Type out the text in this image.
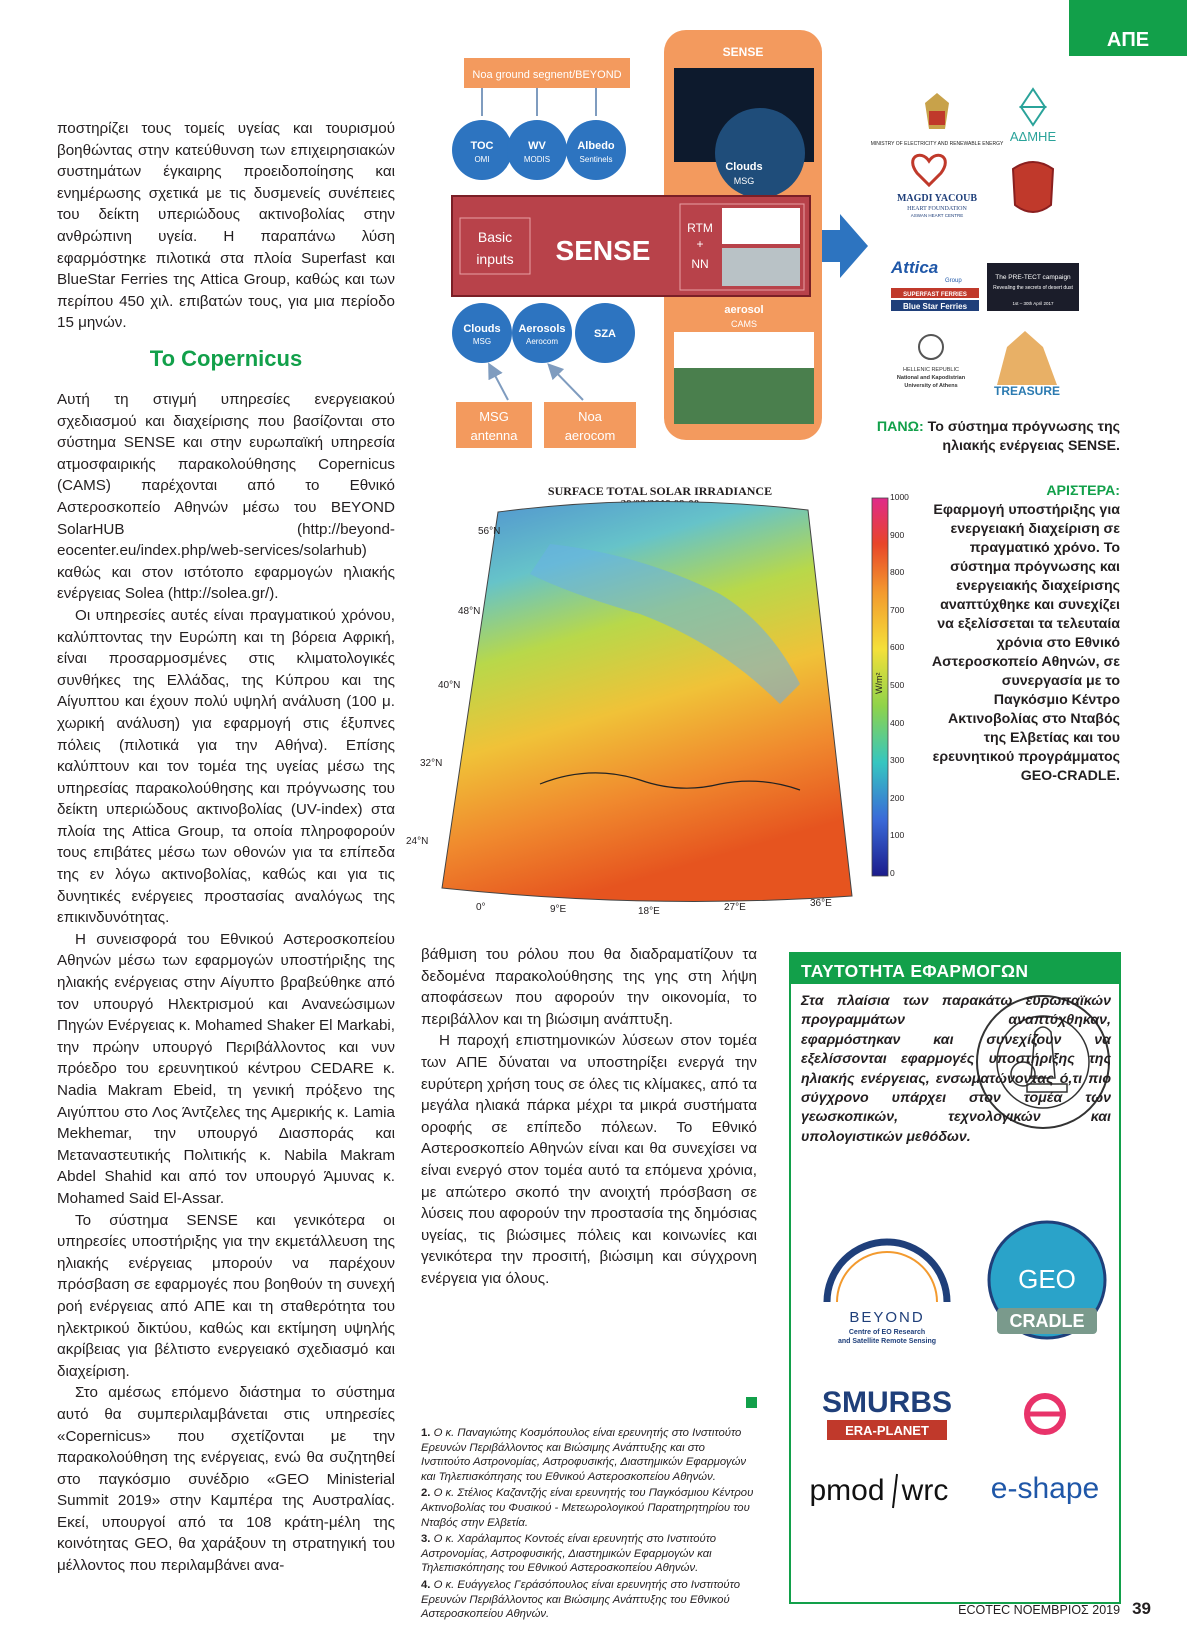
ΑΠΕ

ποστηρίζει τους τομείς υγείας και τουρισμού βοηθώντας στην κατεύθυνση των επιχειρησιακών συστημάτων έγκαιρης προειδοποίησης και ενημέρωσης σχετικά με τις δυσμενείς συνέπειες του δείκτη υπεριώδους ακτινοβολίας στην ανθρώπινη υγεία. Η παραπάνω λύση εφαρμόστηκε πιλοτικά στα πλοία Superfast και BlueStar Ferries της Attica Group, καθώς και των περίπου 450 χιλ. επιβατών τους, για μια περίοδο 15 μηνών.

Το Copernicus

Αυτή τη στιγμή υπηρεσίες ενεργειακού σχεδιασμού και διαχείρισης που βασίζονται στο σύστημα SENSE και στην ευρωπαϊκή υπηρεσία ατμοσφαιρικής παρακολούθησης Copernicus (CAMS) παρέχονται από το Εθνικό Αστεροσκοπείο Αθηνών μέσω του BEYOND SolarHUB (http://beyond-eocenter.eu/index.php/web-services/solarhub) καθώς και στον ιστότοπο εφαρμογών ηλιακής ενέργειας Solea (http://solea.gr/).

Οι υπηρεσίες αυτές είναι πραγματικού χρόνου, καλύπτοντας την Ευρώπη και τη βόρεια Αφρική, είναι προσαρμοσμένες στις κλιματολογικές συνθήκες της Ελλάδας, της Κύπρου και της Αίγυπτου και έχουν πολύ υψηλή ανάλυση (100 μ. χωρική ανάλυση) για εφαρμογή στις έξυπνες πόλεις (πιλοτικά για την Αθήνα). Επίσης καλύπτουν και τον τομέα της υγείας μέσω της υπηρεσίας παρακολούθησης και πρόγνωσης του δείκτη υπεριώδους ακτινοβολίας (UV-index) στα πλοία της Attica Group, τα οποία πληροφορούν τους επιβάτες μέσω των οθονών για τα επίπεδα της εν λόγω ακτινοβολίας, καθώς και για τις δυνητικές ενέργειες προστασίας αναλόγως της επικινδυνότητας.

Η συνεισφορά του Εθνικού Αστεροσκοπείου Αθηνών μέσω των εφαρμογών υποστήριξης της ηλιακής ενέργειας στην Αίγυπτο βραβεύθηκε από τον υπουργό Ηλεκτρισμού και Ανανεώσιμων Πηγών Ενέργειας κ. Mohamed Shaker El Markabi, την πρώην υπουργό Περιβάλλοντος και νυν πρόεδρο του ερευνητικού κέντρου CEDARE κ. Nadia Makram Ebeid, τη γενική πρόξενο της Αιγύπτου στο Λος Άντζελες της Αμερικής κ. Lamia Mekhemar, την υπουργό Διασποράς και Μεταναστευτικής Πολιτικής κ. Nabila Makram Abdel Shahid και από τον υπουργό Άμυνας κ. Mohamed Said El-Assar.

Το σύστημα SENSE και γενικότερα οι υπηρεσίες υποστήριξης για την εκμετάλλευση της ηλιακής ενέργειας μπορούν να παρέχουν πρόσβαση σε εφαρμογές που βοηθούν τη συνεχή ροή ενέργειας από ΑΠΕ και τη σταθερότητα του ηλεκτρικού δικτύου, καθώς και εκτίμηση υψηλής ακρίβειας για βέλτιστο ενεργειακό σχεδιασμό και διαχείριση.

Στο αμέσως επόμενο διάστημα το σύστημα αυτό θα συμπεριλαμβάνεται στις υπηρεσίες «Copernicus» που σχετίζονται με την παρακολούθηση της ενέργειας, ενώ θα συζητηθεί στο παγκόσμιο συνέδριο «GEO Ministerial Summit 2019» στην Καμπέρα της Αυστραλίας. Εκεί, υπουργοί από τα 108 κράτη-μέλη της κοινότητας GEO, θα χαράξουν τη στρατηγική του μέλλοντος που περιλαμβάνει ανα-

βάθμιση του ρόλου που θα διαδραματίζουν τα δεδομένα παρακολούθησης της γης στη λήψη αποφάσεων που αφορούν την οικονομία, το περιβάλλον και τη βιώσιμη ανάπτυξη.

Η παροχή επιστημονικών λύσεων στον τομέα των ΑΠΕ δύναται να υποστηρίξει ενεργά την ευρύτερη χρήση τους σε όλες τις κλίμακες, από τα μεγάλα ηλιακά πάρκα μέχρι τα μικρά συστήματα οροφής σε επίπεδο πόλεων. Το Εθνικό Αστεροσκοπείο Αθηνών είναι και θα συνεχίσει να είναι ενεργό στον τομέα αυτό τα επόμενα χρόνια, με απώτερο σκοπό την ανοιχτή πρόσβαση σε λύσεις που αφορούν την προστασία της δημόσιας υγείας, τις βιώσιμες πόλεις και κοινωνίες και γενικότερα την προσιτή, βιώσιμη και σύγχρονη ενέργεια για όλους.

1. Ο κ. Παναγιώτης Κοσμόπουλος είναι ερευνητής στο Ινστιτούτο Ερευνών Περιβάλλοντος και Βιώσιμης Ανάπτυξης και στο Ινστιτούτο Αστρονομίας, Αστροφυσικής, Διαστημικών Εφαρμογών και Τηλεπισκόπησης του Εθνικού Αστεροσκοπείου Αθηνών.

2. Ο κ. Στέλιος Καζαντζής είναι ερευνητής του Παγκόσμιου Κέντρου Ακτινοβολίας του Φυσικού - Μετεωρολογικού Παρατηρητηρίου του Νταβός στην Ελβετία.

3. Ο κ. Χαράλαμπος Κοντοές είναι ερευνητής στο Ινστιτούτο Αστρονομίας, Αστροφυσικής, Διαστημικών Εφαρμογών και Τηλεπισκόπησης του Εθνικού Αστεροσκοπείου Αθηνών.

4. Ο κ. Ευάγγελος Γεράσόπουλος είναι ερευνητής στο Ινστιτούτο Ερευνών Περιβάλλοντος και Βιώσιμης Ανάπτυξης του Εθνικού Αστεροσκοπείου Αθηνών.

SENSE
Clouds
MSG
Noa ground segnent/BEYOND
TOC
OMI
WV
MODIS
Albedo
Sentinels
Basic
inputs SENSE
RTM
+
NN
aerosol
CAMS
Clouds
MSG
Aerosols
Aerocom
SZA
MSG
antenna
Noa
aerocom
MINISTRY OF ELECTRICITY AND RENEWABLE ENERGY ΑΔΜΗΕ
MAGDI YACOUB
HEART FOUNDATION
ASWAN HEART CENTRE
Attica
Group
SUPERFAST FERRIES
Blue Star Ferries
The PRE-TECT campaign
Revealing the secrets of desert dust
1st – 30th April 2017
HELLENIC REPUBLIC
National and Kapodistrian
University of Athens	TREASURE
ΠΑΝΩ: Το σύστημα πρόγνωσης της ηλιακής ενέργειας SENSE.
SURFACE TOTAL SOLAR IRRADIANCE
56°N
48°N
40°N
32°N
24°N
0°	9°E	18°E	27°E	36°E
1000
900
800
700
600
500
400
300
200
100
0
W/m²
ΑΡΙΣΤΕΡΑ:
Εφαρμογή υποστήριξης για ενεργειακή διαχείριση σε πραγματικό χρόνο. Το σύστημα πρόγνωσης και ενεργειακής διαχείρισης αναπτύχθηκε και συνεχίζει να εξελίσσεται τα τελευταία χρόνια στο Εθνικό Αστεροσκοπείο Αθηνών, σε συνεργασία με το Παγκόσμιο Κέντρο Ακτινοβολίας στο Νταβός της Ελβετίας και του ερευνητικού προγράμματος GEO-CRADLE.
ΤΑΥΤΟΤΗΤΑ ΕΦΑΡΜΟΓΩΝ
Στα πλαίσια των παρακάτω ευρωπαϊκών προγραμμάτων αναπτύχθηκαν, εφαρμόστηκαν και συνεχίζουν να εξελίσσονται εφαρμογές υποστήριξης της ηλιακής ενέργειας, ενσωματώνοντας ό,τι πιο σύγχρονο υπάρχει στον τομέα των γεωσκοπικών, τεχνολογικών και υπολογιστικών μεθόδων.
BEYOND
Centre of EO Research
and Satellite Remote Sensing
GEO
CRADLE
SMURBS
ERA-PLANET
pmod wrc e-shape
ECOTEC ΝΟΕΜΒΡΙΟΣ 2019 39
